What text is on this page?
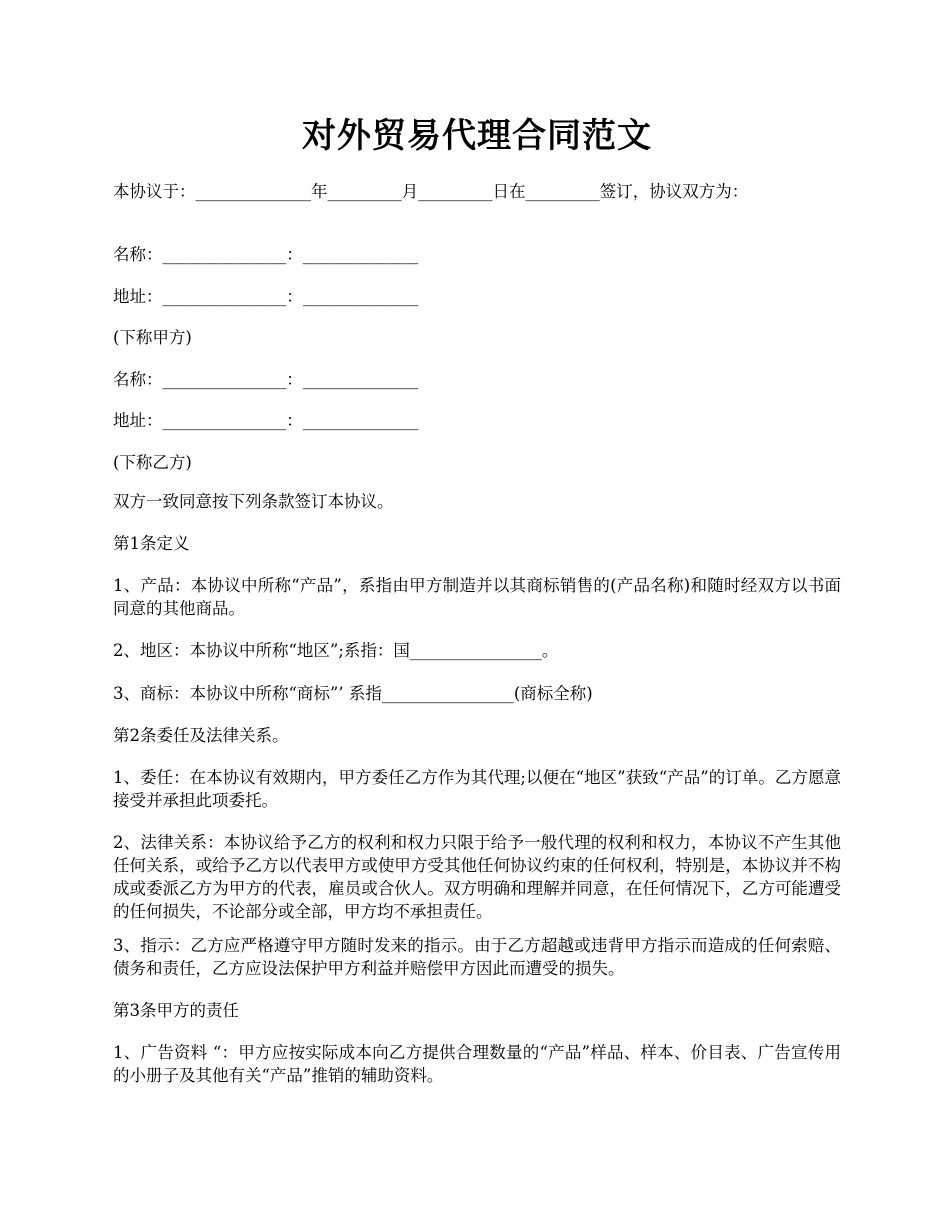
对外贸易代理合同范文
本协议于：______________年_________月_________日在_________签订，协议双方为：
名称：_______________：______________
地址：_______________：______________
(下称甲方)
名称：_______________：______________
地址：_______________：______________
(下称乙方)
双方一致同意按下列条款签订本协议。
第1条定义
1、产品：本协议中所称“产品”，系指由甲方制造并以其商标销售的(产品名称)和随时经双方以书面同意的其他商品。
2、地区：本协议中所称“地区”;系指：国________________。
3、商标：本协议中所称“商标”’ 系指________________(商标全称)
第2条委任及法律关系。
1、委任：在本协议有效期内，甲方委任乙方作为其代理;以便在“地区”获致“产品”的订单。乙方愿意接受并承担此项委托。
2、法律关系：本协议给予乙方的权利和权力只限于给予一般代理的权利和权力，本协议不产生其他任何关系，或给予乙方以代表甲方或使甲方受其他任何协议约束的任何权利，特别是，本协议并不构成或委派乙方为甲方的代表，雇员或合伙人。双方明确和理解并同意，在任何情况下，乙方可能遭受的任何损失，不论部分或全部，甲方均不承担责任。
3、指示：乙方应严格遵守甲方随时发来的指示。由于乙方超越或违背甲方指示而造成的任何索赔、债务和责任，乙方应设法保护甲方利益并赔偿甲方因此而遭受的损失。
第3条甲方的责任
1、广告资料 “：甲方应按实际成本向乙方提供合理数量的“产品”样品、样本、价目表、广告宣传用的小册子及其他有关“产品”推销的辅助资料。
